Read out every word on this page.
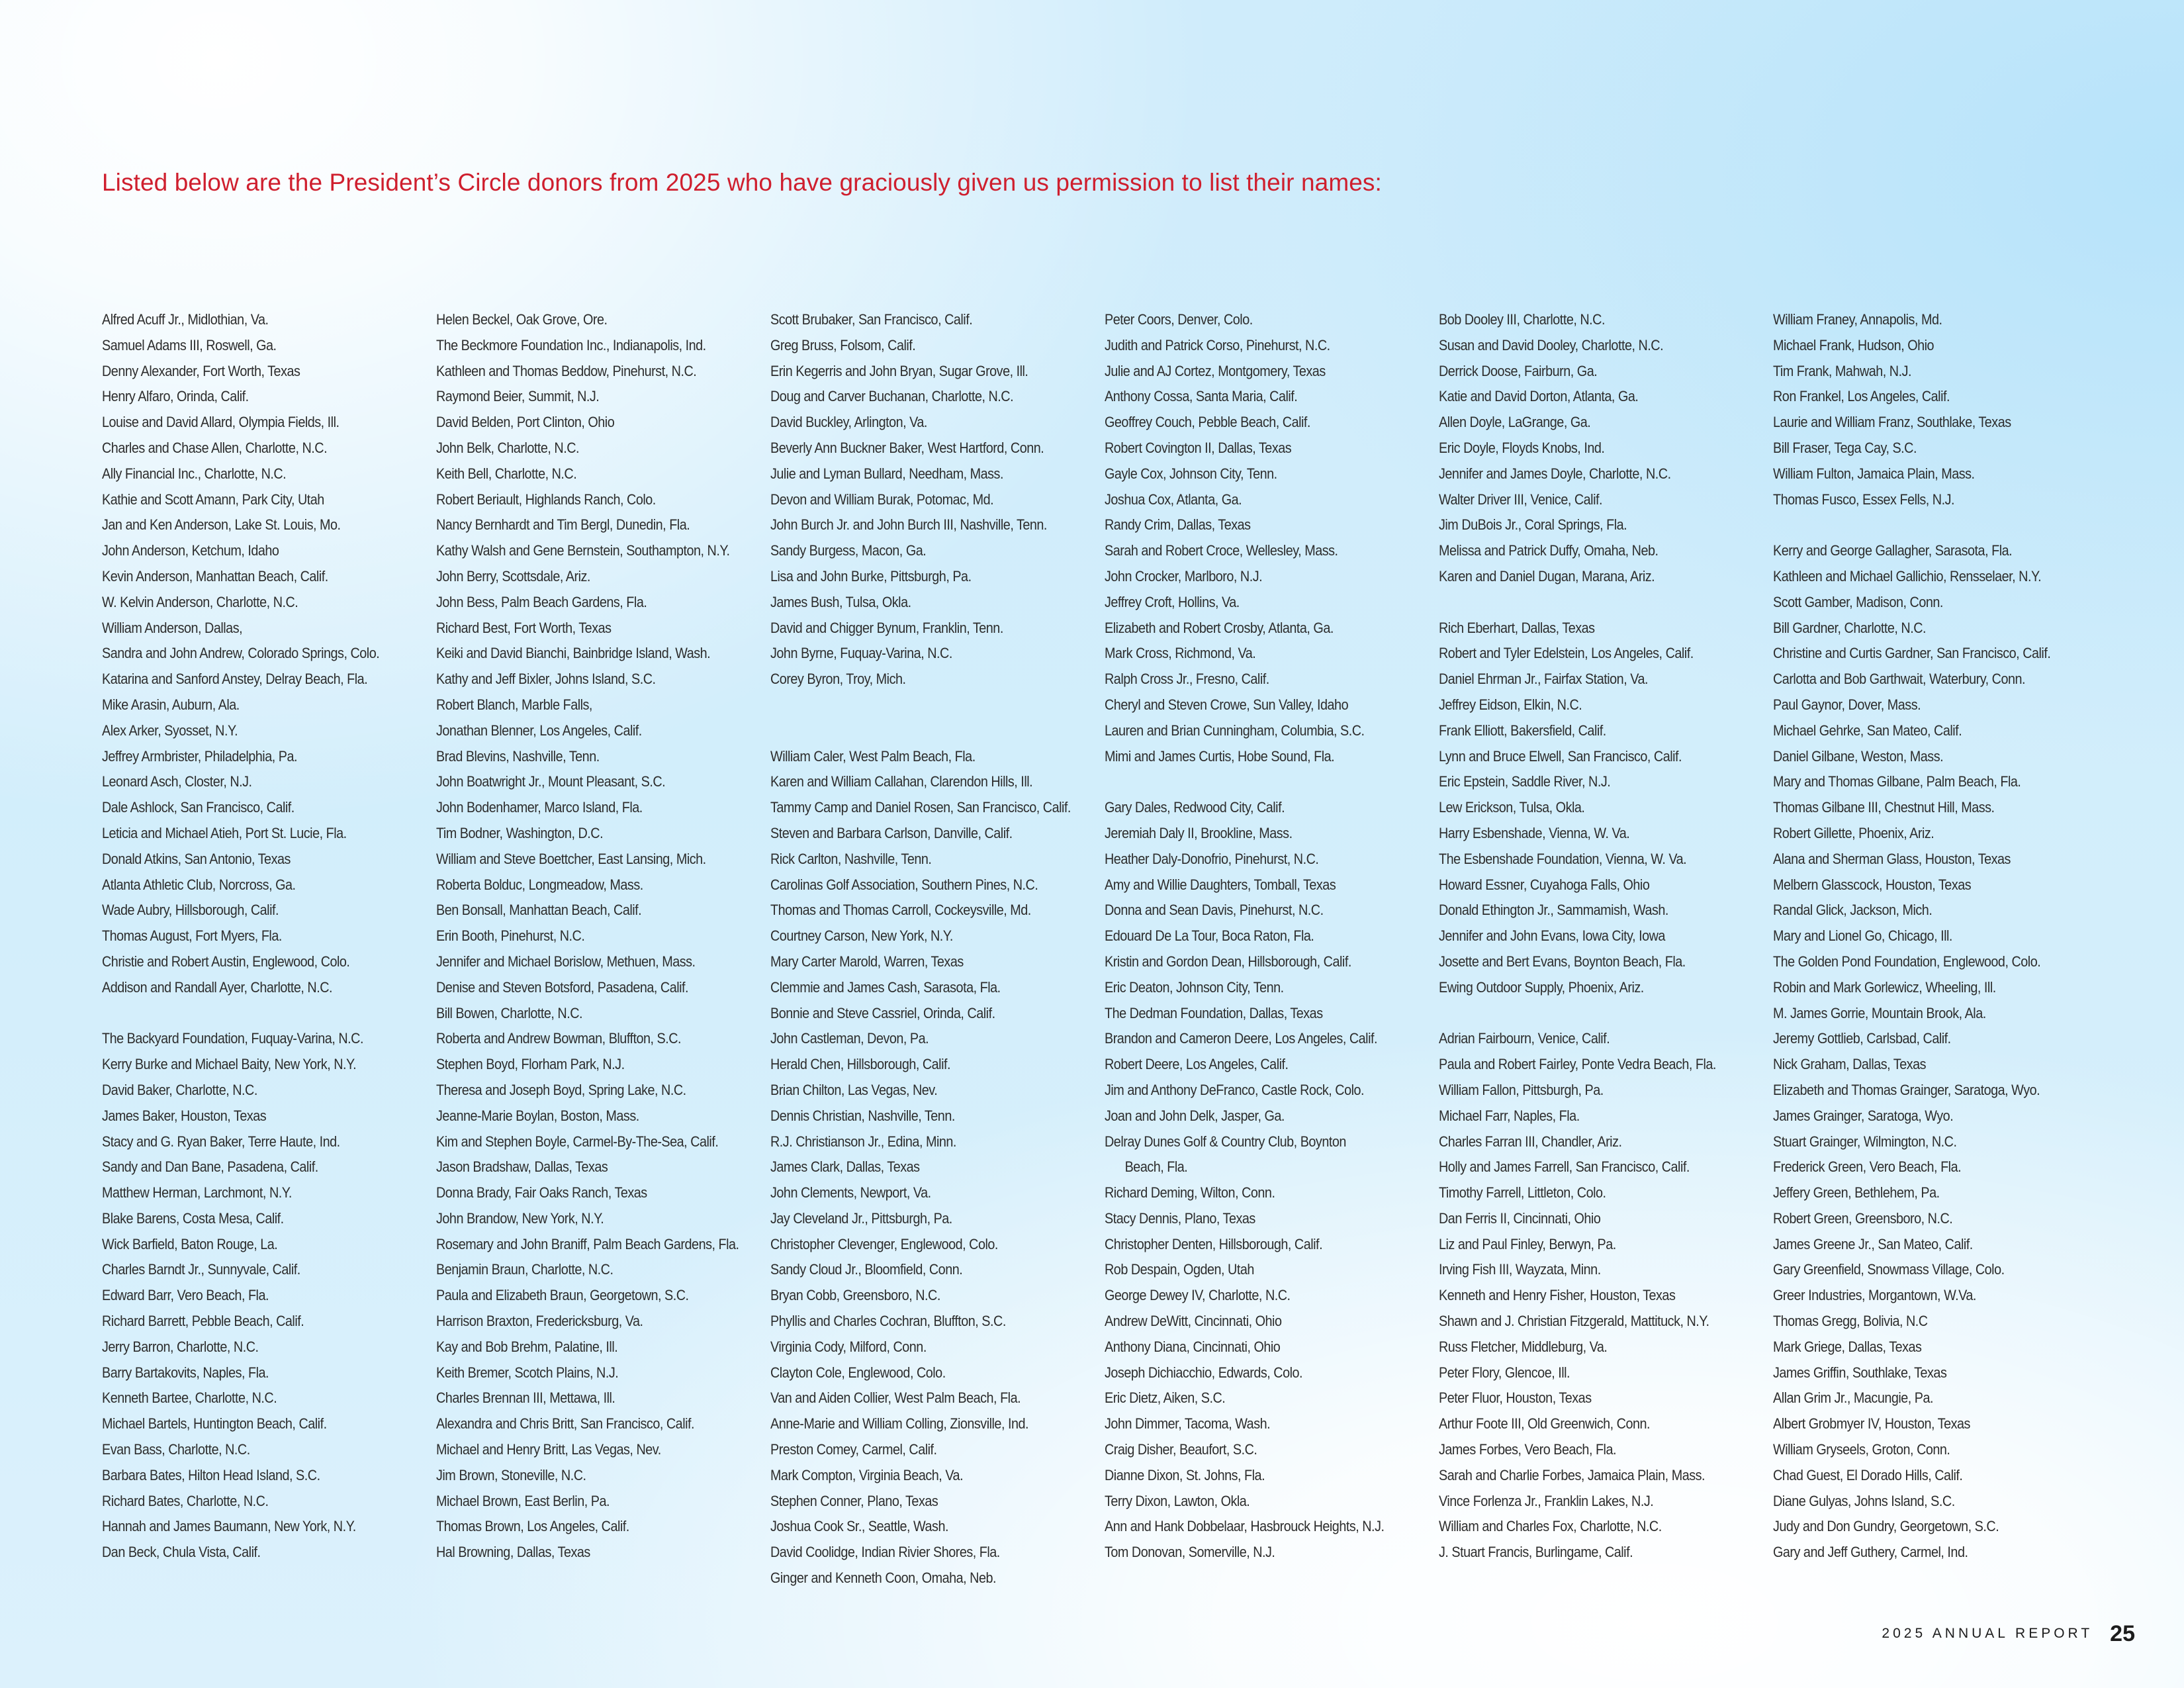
Listed below are the President’s Circle donors from 2025 who have graciously given us permission to list their names:
Alfred Acuff Jr., Midlothian, Va.
Samuel Adams III, Roswell, Ga.
Denny Alexander, Fort Worth, Texas
Henry Alfaro, Orinda, Calif.
Louise and David Allard, Olympia Fields, Ill.
Charles and Chase Allen, Charlotte, N.C.
Ally Financial Inc., Charlotte, N.C.
Kathie and Scott Amann, Park City, Utah
Jan and Ken Anderson, Lake St. Louis, Mo.
John Anderson, Ketchum, Idaho
Kevin Anderson, Manhattan Beach, Calif.
W. Kelvin Anderson, Charlotte, N.C.
William Anderson, Dallas,
Sandra and John Andrew, Colorado Springs, Colo.
Katarina and Sanford Anstey, Delray Beach, Fla.
Mike Arasin, Auburn, Ala.
Alex Arker, Syosset, N.Y.
Jeffrey Armbrister, Philadelphia, Pa.
Leonard Asch, Closter, N.J.
Dale Ashlock, San Francisco, Calif.
Leticia and Michael Atieh, Port St. Lucie, Fla.
Donald Atkins, San Antonio, Texas
Atlanta Athletic Club, Norcross, Ga.
Wade Aubry, Hillsborough, Calif.
Thomas August, Fort Myers, Fla.
Christie and Robert Austin, Englewood, Colo.
Addison and Randall Ayer, Charlotte, N.C.
The Backyard Foundation, Fuquay-Varina, N.C.
Kerry Burke and Michael Baity, New York, N.Y.
David Baker, Charlotte, N.C.
James Baker, Houston, Texas
Stacy and G. Ryan Baker, Terre Haute, Ind.
Sandy and Dan Bane, Pasadena, Calif.
Matthew Herman, Larchmont, N.Y.
Blake Barens, Costa Mesa, Calif.
Wick Barfield, Baton Rouge, La.
Charles Barndt Jr., Sunnyvale, Calif.
Edward Barr, Vero Beach, Fla.
Richard Barrett, Pebble Beach, Calif.
Jerry Barron, Charlotte, N.C.
Barry Bartakovits, Naples, Fla.
Kenneth Bartee, Charlotte, N.C.
Michael Bartels, Huntington Beach, Calif.
Evan Bass, Charlotte, N.C.
Barbara Bates, Hilton Head Island, S.C.
Richard Bates, Charlotte, N.C.
Hannah and James Baumann, New York, N.Y.
Dan Beck, Chula Vista, Calif.
Helen Beckel, Oak Grove, Ore.
The Beckmore Foundation Inc., Indianapolis, Ind.
Kathleen and Thomas Beddow, Pinehurst, N.C.
Raymond Beier, Summit, N.J.
David Belden, Port Clinton, Ohio
John Belk, Charlotte, N.C.
Keith Bell, Charlotte, N.C.
Robert Beriault, Highlands Ranch, Colo.
Nancy Bernhardt and Tim Bergl, Dunedin, Fla.
Kathy Walsh and Gene Bernstein, Southampton, N.Y.
John Berry, Scottsdale, Ariz.
John Bess, Palm Beach Gardens, Fla.
Richard Best, Fort Worth, Texas
Keiki and David Bianchi, Bainbridge Island, Wash.
Kathy and Jeff Bixler, Johns Island, S.C.
Robert Blanch, Marble Falls,
Jonathan Blenner, Los Angeles, Calif.
Brad Blevins, Nashville, Tenn.
John Boatwright Jr., Mount Pleasant, S.C.
John Bodenhamer, Marco Island, Fla.
Tim Bodner, Washington, D.C.
William and Steve Boettcher, East Lansing, Mich.
Roberta Bolduc, Longmeadow, Mass.
Ben Bonsall, Manhattan Beach, Calif.
Erin Booth, Pinehurst, N.C.
Jennifer and Michael Borislow, Methuen, Mass.
Denise and Steven Botsford, Pasadena, Calif.
Bill Bowen, Charlotte, N.C.
Roberta and Andrew Bowman, Bluffton, S.C.
Stephen Boyd, Florham Park, N.J.
Theresa and Joseph Boyd, Spring Lake, N.C.
Jeanne-Marie Boylan, Boston, Mass.
Kim and Stephen Boyle, Carmel-By-The-Sea, Calif.
Jason Bradshaw, Dallas, Texas
Donna Brady, Fair Oaks Ranch, Texas
John Brandow, New York, N.Y.
Rosemary and John Braniff, Palm Beach Gardens, Fla.
Benjamin Braun, Charlotte, N.C.
Paula and Elizabeth Braun, Georgetown, S.C.
Harrison Braxton, Fredericksburg, Va.
Kay and Bob Brehm, Palatine, Ill.
Keith Bremer, Scotch Plains, N.J.
Charles Brennan III, Mettawa, Ill.
Alexandra and Chris Britt, San Francisco, Calif.
Michael and Henry Britt, Las Vegas, Nev.
Jim Brown, Stoneville, N.C.
Michael Brown, East Berlin, Pa.
Thomas Brown, Los Angeles, Calif.
Hal Browning, Dallas, Texas
Scott Brubaker, San Francisco, Calif.
Greg Bruss, Folsom, Calif.
Erin Kegerris and John Bryan, Sugar Grove, Ill.
Doug and Carver Buchanan, Charlotte, N.C.
David Buckley, Arlington, Va.
Beverly Ann Buckner Baker, West Hartford, Conn.
Julie and Lyman Bullard, Needham, Mass.
Devon and William Burak, Potomac, Md.
John Burch Jr. and John Burch III, Nashville, Tenn.
Sandy Burgess, Macon, Ga.
Lisa and John Burke, Pittsburgh, Pa.
James Bush, Tulsa, Okla.
David and Chigger Bynum, Franklin, Tenn.
John Byrne, Fuquay-Varina, N.C.
Corey Byron, Troy, Mich.
William Caler, West Palm Beach, Fla.
Karen and William Callahan, Clarendon Hills, Ill.
Tammy Camp and Daniel Rosen, San Francisco, Calif.
Steven and Barbara Carlson, Danville, Calif.
Rick Carlton, Nashville, Tenn.
Carolinas Golf Association, Southern Pines, N.C.
Thomas and Thomas Carroll, Cockeysville, Md.
Courtney Carson, New York, N.Y.
Mary Carter Marold, Warren, Texas
Clemmie and James Cash, Sarasota, Fla.
Bonnie and Steve Cassriel, Orinda, Calif.
John Castleman, Devon, Pa.
Herald Chen, Hillsborough, Calif.
Brian Chilton, Las Vegas, Nev.
Dennis Christian, Nashville, Tenn.
R.J. Christianson Jr., Edina, Minn.
James Clark, Dallas, Texas
John Clements, Newport, Va.
Jay Cleveland Jr., Pittsburgh, Pa.
Christopher Clevenger, Englewood, Colo.
Sandy Cloud Jr., Bloomfield, Conn.
Bryan Cobb, Greensboro, N.C.
Phyllis and Charles Cochran, Bluffton, S.C.
Virginia Cody, Milford, Conn.
Clayton Cole, Englewood, Colo.
Van and Aiden Collier, West Palm Beach, Fla.
Anne-Marie and William Colling, Zionsville, Ind.
Preston Comey, Carmel, Calif.
Mark Compton, Virginia Beach, Va.
Stephen Conner, Plano, Texas
Joshua Cook Sr., Seattle, Wash.
David Coolidge, Indian Rivier Shores, Fla.
Ginger and Kenneth Coon, Omaha, Neb.
Peter Coors, Denver, Colo.
Judith and Patrick Corso, Pinehurst, N.C.
Julie and AJ Cortez, Montgomery, Texas
Anthony Cossa, Santa Maria, Calif.
Geoffrey Couch, Pebble Beach, Calif.
Robert Covington II, Dallas, Texas
Gayle Cox, Johnson City, Tenn.
Joshua Cox, Atlanta, Ga.
Randy Crim, Dallas, Texas
Sarah and Robert Croce, Wellesley, Mass.
John Crocker, Marlboro, N.J.
Jeffrey Croft, Hollins, Va.
Elizabeth and Robert Crosby, Atlanta, Ga.
Mark Cross, Richmond, Va.
Ralph Cross Jr., Fresno, Calif.
Cheryl and Steven Crowe, Sun Valley, Idaho
Lauren and Brian Cunningham, Columbia, S.C.
Mimi and James Curtis, Hobe Sound, Fla.
Gary Dales, Redwood City, Calif.
Jeremiah Daly II, Brookline, Mass.
Heather Daly-Donofrio, Pinehurst, N.C.
Amy and Willie Daughters, Tomball, Texas
Donna and Sean Davis, Pinehurst, N.C.
Edouard De La Tour, Boca Raton, Fla.
Kristin and Gordon Dean, Hillsborough, Calif.
Eric Deaton, Johnson City, Tenn.
The Dedman Foundation, Dallas, Texas
Brandon and Cameron Deere, Los Angeles, Calif.
Robert Deere, Los Angeles, Calif.
Jim and Anthony DeFranco, Castle Rock, Colo.
Joan and John Delk, Jasper, Ga.
Delray Dunes Golf & Country Club, Boynton
Beach, Fla.
Richard Deming, Wilton, Conn.
Stacy Dennis, Plano, Texas
Christopher Denten, Hillsborough, Calif.
Rob Despain, Ogden, Utah
George Dewey IV, Charlotte, N.C.
Andrew DeWitt, Cincinnati, Ohio
Anthony Diana, Cincinnati, Ohio
Joseph Dichiacchio, Edwards, Colo.
Eric Dietz, Aiken, S.C.
John Dimmer, Tacoma, Wash.
Craig Disher, Beaufort, S.C.
Dianne Dixon, St. Johns, Fla.
Terry Dixon, Lawton, Okla.
Ann and Hank Dobbelaar, Hasbrouck Heights, N.J.
Tom Donovan, Somerville, N.J.
Bob Dooley III, Charlotte, N.C.
Susan and David Dooley, Charlotte, N.C.
Derrick Doose, Fairburn, Ga.
Katie and David Dorton, Atlanta, Ga.
Allen Doyle, LaGrange, Ga.
Eric Doyle, Floyds Knobs, Ind.
Jennifer and James Doyle, Charlotte, N.C.
Walter Driver III, Venice, Calif.
Jim DuBois Jr., Coral Springs, Fla.
Melissa and Patrick Duffy, Omaha, Neb.
Karen and Daniel Dugan, Marana, Ariz.
Rich Eberhart, Dallas, Texas
Robert and Tyler Edelstein, Los Angeles, Calif.
Daniel Ehrman Jr., Fairfax Station, Va.
Jeffrey Eidson, Elkin, N.C.
Frank Elliott, Bakersfield, Calif.
Lynn and Bruce Elwell, San Francisco, Calif.
Eric Epstein, Saddle River, N.J.
Lew Erickson, Tulsa, Okla.
Harry Esbenshade, Vienna, W. Va.
The Esbenshade Foundation, Vienna, W. Va.
Howard Essner, Cuyahoga Falls, Ohio
Donald Ethington Jr., Sammamish, Wash.
Jennifer and John Evans, Iowa City, Iowa
Josette and Bert Evans, Boynton Beach, Fla.
Ewing Outdoor Supply, Phoenix, Ariz.
Adrian Fairbourn, Venice, Calif.
Paula and Robert Fairley, Ponte Vedra Beach, Fla.
William Fallon, Pittsburgh, Pa.
Michael Farr, Naples, Fla.
Charles Farran III, Chandler, Ariz.
Holly and James Farrell, San Francisco, Calif.
Timothy Farrell, Littleton, Colo.
Dan Ferris II, Cincinnati, Ohio
Liz and Paul Finley, Berwyn, Pa.
Irving Fish III, Wayzata, Minn.
Kenneth and Henry Fisher, Houston, Texas
Shawn and J. Christian Fitzgerald, Mattituck, N.Y.
Russ Fletcher, Middleburg, Va.
Peter Flory, Glencoe, Ill.
Peter Fluor, Houston, Texas
Arthur Foote III, Old Greenwich, Conn.
James Forbes, Vero Beach, Fla.
Sarah and Charlie Forbes, Jamaica Plain, Mass.
Vince Forlenza Jr., Franklin Lakes, N.J.
William and Charles Fox, Charlotte, N.C.
J. Stuart Francis, Burlingame, Calif.
William Franey, Annapolis, Md.
Michael Frank, Hudson, Ohio
Tim Frank, Mahwah, N.J.
Ron Frankel, Los Angeles, Calif.
Laurie and William Franz, Southlake, Texas
Bill Fraser, Tega Cay, S.C.
William Fulton, Jamaica Plain, Mass.
Thomas Fusco, Essex Fells, N.J.
Kerry and George Gallagher, Sarasota, Fla.
Kathleen and Michael Gallichio, Rensselaer, N.Y.
Scott Gamber, Madison, Conn.
Bill Gardner, Charlotte, N.C.
Christine and Curtis Gardner, San Francisco, Calif.
Carlotta and Bob Garthwait, Waterbury, Conn.
Paul Gaynor, Dover, Mass.
Michael Gehrke, San Mateo, Calif.
Daniel Gilbane, Weston, Mass.
Mary and Thomas Gilbane, Palm Beach, Fla.
Thomas Gilbane III, Chestnut Hill, Mass.
Robert Gillette, Phoenix, Ariz.
Alana and Sherman Glass, Houston, Texas
Melbern Glasscock, Houston, Texas
Randal Glick, Jackson, Mich.
Mary and Lionel Go, Chicago, Ill.
The Golden Pond Foundation, Englewood, Colo.
Robin and Mark Gorlewicz, Wheeling, Ill.
M. James Gorrie, Mountain Brook, Ala.
Jeremy Gottlieb, Carlsbad, Calif.
Nick Graham, Dallas, Texas
Elizabeth and Thomas Grainger, Saratoga, Wyo.
James Grainger, Saratoga, Wyo.
Stuart Grainger, Wilmington, N.C.
Frederick Green, Vero Beach, Fla.
Jeffery Green, Bethlehem, Pa.
Robert Green, Greensboro, N.C.
James Greene Jr., San Mateo, Calif.
Gary Greenfield, Snowmass Village, Colo.
Greer Industries, Morgantown, W.Va.
Thomas Gregg, Bolivia, N.C
Mark Griege, Dallas, Texas
James Griffin, Southlake, Texas
Allan Grim Jr., Macungie, Pa.
Albert Grobmyer IV, Houston, Texas
William Gryseels, Groton, Conn.
Chad Guest, El Dorado Hills, Calif.
Diane Gulyas, Johns Island, S.C.
Judy and Don Gundry, Georgetown, S.C.
Gary and Jeff Guthery, Carmel, Ind.
2025 ANNUAL REPORT 25
